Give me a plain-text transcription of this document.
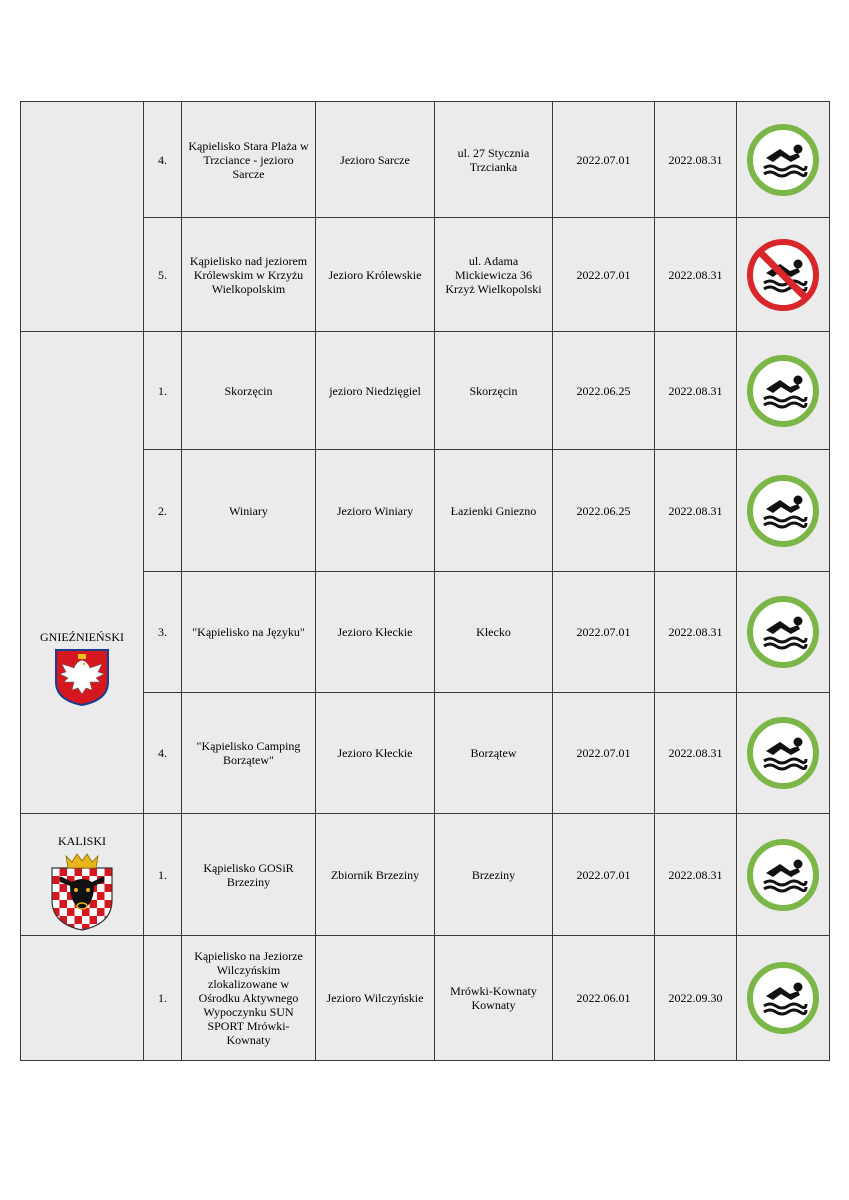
	4.	Kąpielisko Stara Plaża w Trzciance - jezioro Sarcze	Jezioro Sarcze	ul. 27 Stycznia Trzcianka	2022.07.01	2022.08.31	

	5.	Kąpielisko nad jeziorem Królewskim w Krzyżu Wielkopolskim	Jezioro Królewskie	ul. Adama Mickiewicza 36 Krzyż Wielkopolski	2022.07.01	2022.08.31	

GNIEŹNIEŃSKI	1.	Skorzęcin	jezioro Niedzięgiel	Skorzęcin	2022.06.25	2022.08.31	

	2.	Winiary	Jezioro Winiary	Łazienki Gniezno	2022.06.25	2022.08.31	

	3.	"Kąpielisko na Języku"	Jezioro Kłeckie	Kłecko	2022.07.01	2022.08.31	

	4.	"Kąpielisko Camping Borzątew"	Jezioro Kłeckie	Borzątew	2022.07.01	2022.08.31	

KALISKI	1.	Kąpielisko GOSiR Brzeziny	Zbiornik Brzeziny	Brzeziny	2022.07.01	2022.08.31	

	1.	Kąpielisko na Jeziorze Wilczyńskim zlokalizowane w Ośrodku Aktywnego Wypoczynku SUN SPORT Mrówki-Kownaty	Jezioro Wilczyńskie	Mrówki-Kownaty Kownaty	2022.06.01	2022.09.30	
